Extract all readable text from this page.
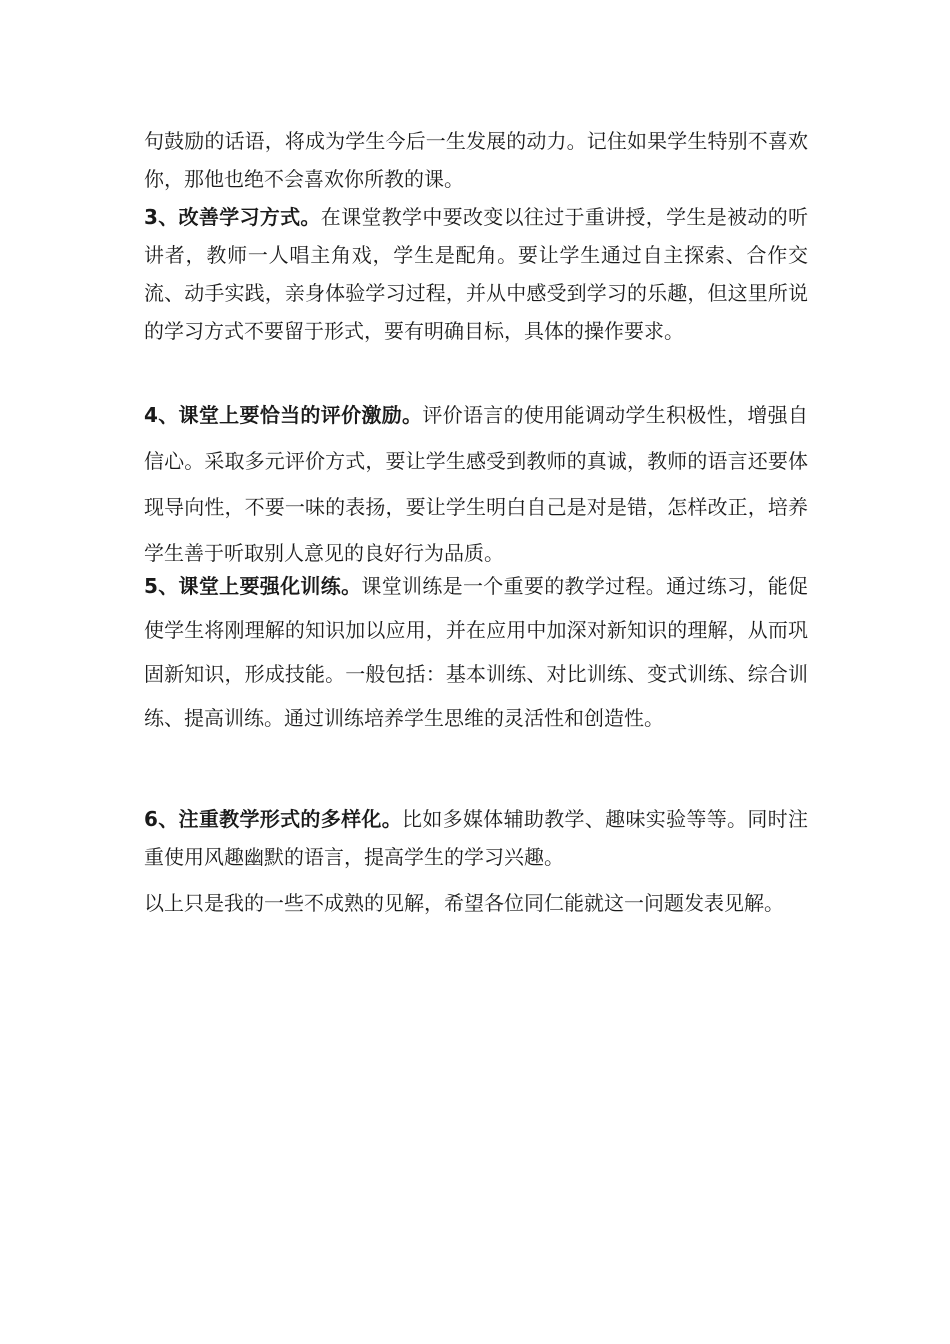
句鼓励的话语，将成为学生今后一生发展的动力。记住如果学生特别不喜欢你，那他也绝不会喜欢你所教的课。

3、改善学习方式。在课堂教学中要改变以往过于重讲授，学生是被动的听讲者，教师一人唱主角戏，学生是配角。要让学生通过自主探索、合作交流、动手实践，亲身体验学习过程，并从中感受到学习的乐趣，但这里所说的学习方式不要留于形式，要有明确目标，具体的操作要求。

4、课堂上要恰当的评价激励。评价语言的使用能调动学生积极性，增强自信心。采取多元评价方式，要让学生感受到教师的真诚，教师的语言还要体现导向性，不要一味的表扬，要让学生明白自己是对是错，怎样改正，培养学生善于听取别人意见的良好行为品质。

5、课堂上要强化训练。课堂训练是一个重要的教学过程。通过练习，能促使学生将刚理解的知识加以应用，并在应用中加深对新知识的理解，从而巩固新知识，形成技能。一般包括：基本训练、对比训练、变式训练、综合训练、提高训练。通过训练培养学生思维的灵活性和创造性。

6、注重教学形式的多样化。比如多媒体辅助教学、趣味实验等等。同时注重使用风趣幽默的语言，提高学生的学习兴趣。

以上只是我的一些不成熟的见解，希望各位同仁能就这一问题发表见解。
